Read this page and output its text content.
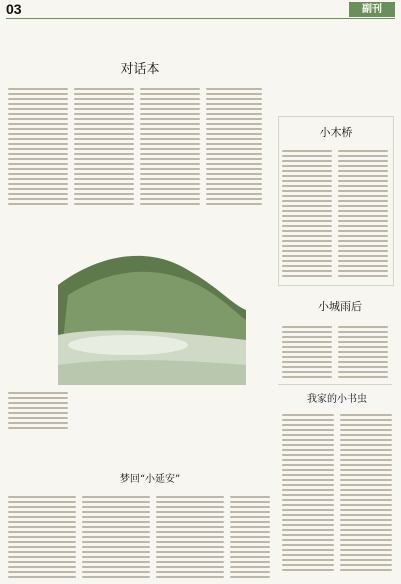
03	副刊
对话本
梦回“小延安”
小木桥
小城雨后
我家的小书虫
